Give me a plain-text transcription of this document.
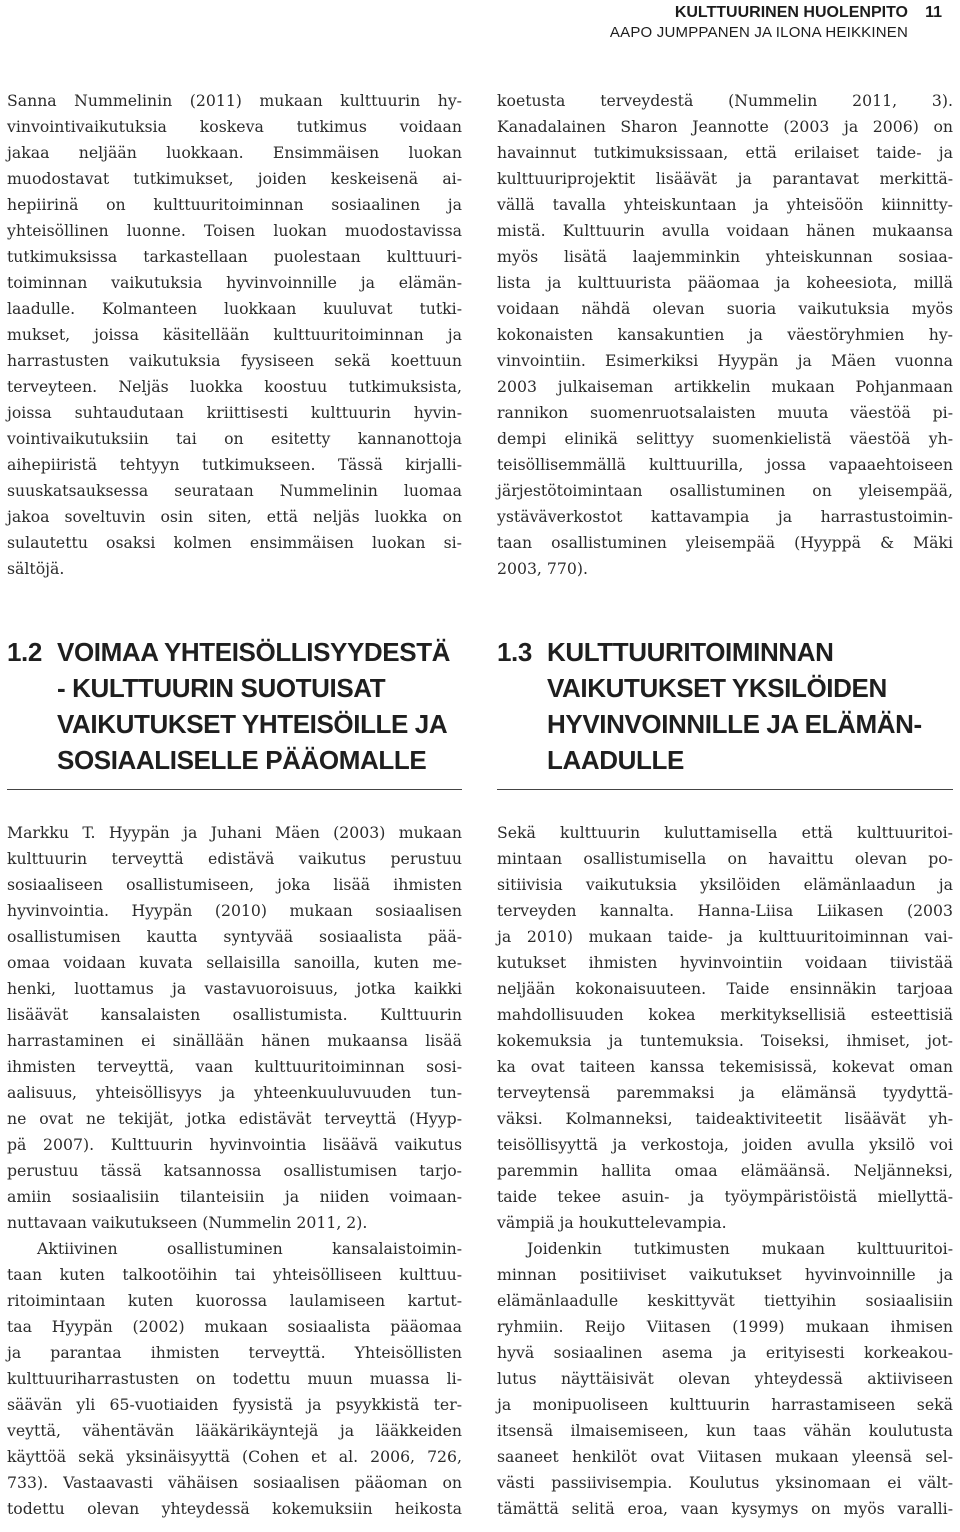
KULTTUURINEN HUOLENPITO 11
AAPO JUMPPANEN JA ILONA HEIKKINEN
Sanna Nummelinin (2011) mukaan kulttuurin hy-
vinvointivaikutuksia koskeva tutkimus voidaan
jakaa neljään luokkaan. Ensimmäisen luokan
muodostavat tutkimukset, joiden keskeisenä ai-
hepiirinä on kulttuuritoiminnan sosiaalinen ja
yhteisöllinen luonne. Toisen luokan muodostavissa
tutkimuksissa tarkastellaan puolestaan kulttuuri-
toiminnan vaikutuksia hyvinvoinnille ja elämän-
laadulle. Kolmanteen luokkaan kuuluvat tutki-
mukset, joissa käsitellään kulttuuritoiminnan ja
harrastusten vaikutuksia fyysiseen sekä koettuun
terveyteen. Neljäs luokka koostuu tutkimuksista,
joissa suhtaudutaan kriittisesti kulttuurin hyvin-
vointivaikutuksiin tai on esitetty kannanottoja
aihepiiristä tehtyyn tutkimukseen. Tässä kirjalli-
suuskatsauksessa seurataan Nummelinin luomaa
jakoa soveltuvin osin siten, että neljäs luokka on
sulautettu osaksi kolmen ensimmäisen luokan si-
sältöjä.
koetusta terveydestä (Nummelin 2011, 3).
Kanadalainen Sharon Jeannotte (2003 ja 2006) on
havainnut tutkimuksissaan, että erilaiset taide- ja
kulttuuriprojektit lisäävät ja parantavat merkittä-
vällä tavalla yhteiskuntaan ja yhteisöön kiinnitty-
mistä. Kulttuurin avulla voidaan hänen mukaansa
myös lisätä laajemminkin yhteiskunnan sosiaa-
lista ja kulttuurista pääomaa ja koheesiota, millä
voidaan nähdä olevan suoria vaikutuksia myös
kokonaisten kansakuntien ja väestöryhmien hy-
vinvointiin. Esimerkiksi Hyypän ja Mäen vuonna
2003 julkaiseman artikkelin mukaan Pohjanmaan
rannikon suomenruotsalaisten muuta väestöä pi-
dempi elinikä selittyy suomenkielistä väestöä yh-
teisöllisemmällä kulttuurilla, jossa vapaaehtoiseen
järjestötoimintaan osallistuminen on yleisempää,
ystäväverkostot kattavampia ja harrastustoimin-
taan osallistuminen yleisempää (Hyyppä & Mäki
2003, 770).
1.2 VOIMAA YHTEISÖLLISYYDESTÄ
- KULTTUURIN SUOTUISAT
VAIKUTUKSET YHTEISÖILLE JA
SOSIAALISELLE PÄÄOMALLE
1.3 KULTTUURITOIMINNAN
VAIKUTUKSET YKSILÖIDEN
HYVINVOINNILLE JA ELÄMÄN-
LAADULLE
Markku T. Hyypän ja Juhani Mäen (2003) mukaan
kulttuurin terveyttä edistävä vaikutus perustuu
sosiaaliseen osallistumiseen, joka lisää ihmisten
hyvinvointia. Hyypän (2010) mukaan sosiaalisen
osallistumisen kautta syntyvää sosiaalista pää-
omaa voidaan kuvata sellaisilla sanoilla, kuten me-
henki, luottamus ja vastavuoroisuus, jotka kaikki
lisäävät kansalaisten osallistumista. Kulttuurin
harrastaminen ei sinällään hänen mukaansa lisää
ihmisten terveyttä, vaan kulttuuritoiminnan sosi-
aalisuus, yhteisöllisyys ja yhteenkuuluvuuden tun-
ne ovat ne tekijät, jotka edistävät terveyttä (Hyyp-
pä 2007). Kulttuurin hyvinvointia lisäävä vaikutus
perustuu tässä katsannossa osallistumisen tarjo-
amiin sosiaalisiin tilanteisiin ja niiden voimaan-
nuttavaan vaikutukseen (Nummelin 2011, 2).
Aktiivinen osallistuminen kansalaistoimin-
taan kuten talkootöihin tai yhteisölliseen kulttuu-
ritoimintaan kuten kuorossa laulamiseen kartut-
taa Hyypän (2002) mukaan sosiaalista pääomaa
ja parantaa ihmisten terveyttä. Yhteisöllisten
kulttuuriharrastusten on todettu muun muassa li-
säävän yli 65-vuotiaiden fyysistä ja psyykkistä ter-
veyttä, vähentävän lääkärikäyntejä ja lääkkeiden
käyttöä sekä yksinäisyyttä (Cohen et al. 2006, 726,
733). Vastaavasti vähäisen sosiaalisen pääoman on
todettu olevan yhteydessä kokemuksiin heikosta
Sekä kulttuurin kuluttamisella että kulttuuritoi-
mintaan osallistumisella on havaittu olevan po-
sitiivisia vaikutuksia yksilöiden elämänlaadun ja
terveyden kannalta. Hanna-Liisa Liikasen (2003
ja 2010) mukaan taide- ja kulttuuritoiminnan vai-
kutukset ihmisten hyvinvointiin voidaan tiivistää
neljään kokonaisuuteen. Taide ensinnäkin tarjoaa
mahdollisuuden kokea merkityksellisiä esteettisiä
kokemuksia ja tuntemuksia. Toiseksi, ihmiset, jot-
ka ovat taiteen kanssa tekemisissä, kokevat oman
terveytensä paremmaksi ja elämänsä tyydyttä-
väksi. Kolmanneksi, taideaktiviteetit lisäävät yh-
teisöllisyyttä ja verkostoja, joiden avulla yksilö voi
paremmin hallita omaa elämäänsä. Neljänneksi,
taide tekee asuin- ja työympäristöistä miellyttä-
vämpiä ja houkuttelevampia.
Joidenkin tutkimusten mukaan kulttuuritoi-
minnan positiiviset vaikutukset hyvinvoinnille ja
elämänlaadulle keskittyvät tiettyihin sosiaalisiin
ryhmiin. Reijo Viitasen (1999) mukaan ihmisen
hyvä sosiaalinen asema ja erityisesti korkeakou-
lutus näyttäisivät olevan yhteydessä aktiiviseen
ja monipuoliseen kulttuurin harrastamiseen sekä
itsensä ilmaisemiseen, kun taas vähän koulutusta
saaneet henkilöt ovat Viitasen mukaan yleensä sel-
västi passiivisempia. Koulutus yksinomaan ei vält-
tämättä selitä eroa, vaan kysymys on myös varalli-
